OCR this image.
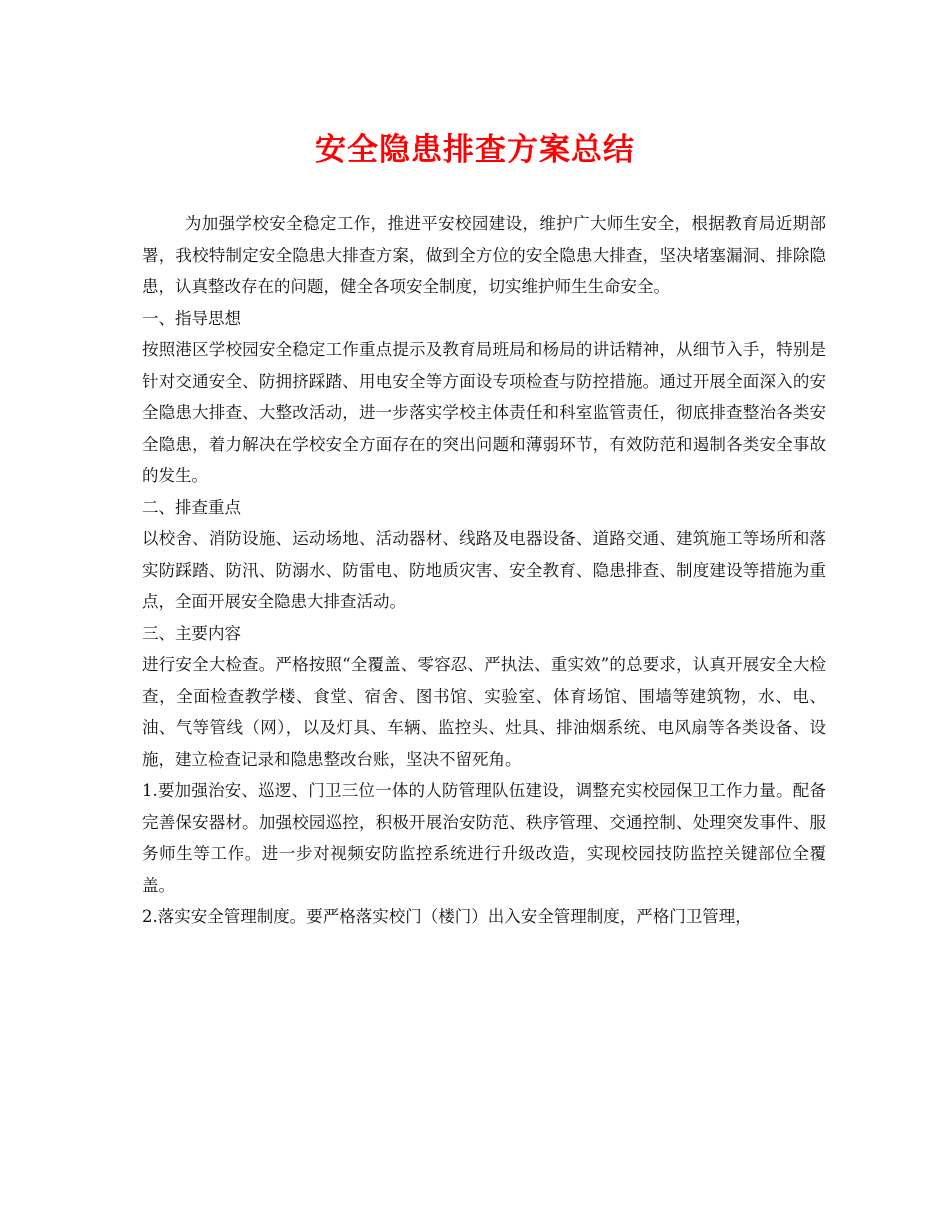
安全隐患排查方案总结

为加强学校安全稳定工作，推进平安校园建设，维护广大师生安全，根据教育局近期部署，我校特制定安全隐患大排查方案，做到全方位的安全隐患大排查，坚决堵塞漏洞、排除隐患，认真整改存在的问题，健全各项安全制度，切实维护师生生命安全。

一、指导思想

按照港区学校园安全稳定工作重点提示及教育局班局和杨局的讲话精神，从细节入手，特别是针对交通安全、防拥挤踩踏、用电安全等方面设专项检查与防控措施。通过开展全面深入的安全隐患大排查、大整改活动，进一步落实学校主体责任和科室监管责任，彻底排查整治各类安全隐患，着力解决在学校安全方面存在的突出问题和薄弱环节，有效防范和遏制各类安全事故的发生。

二、排查重点

以校舍、消防设施、运动场地、活动器材、线路及电器设备、道路交通、建筑施工等场所和落实防踩踏、防汛、防溺水、防雷电、防地质灾害、安全教育、隐患排查、制度建设等措施为重点，全面开展安全隐患大排查活动。

三、主要内容

进行安全大检查。严格按照“全覆盖、零容忍、严执法、重实效”的总要求，认真开展安全大检查，全面检查教学楼、食堂、宿舍、图书馆、实验室、体育场馆、围墙等建筑物，水、电、油、气等管线（网），以及灯具、车辆、监控头、灶具、排油烟系统、电风扇等各类设备、设施，建立检查记录和隐患整改台账，坚决不留死角。

1.要加强治安、巡逻、门卫三位一体的人防管理队伍建设，调整充实校园保卫工作力量。配备完善保安器材。加强校园巡控，积极开展治安防范、秩序管理、交通控制、处理突发事件、服务师生等工作。进一步对视频安防监控系统进行升级改造，实现校园技防监控关键部位全覆盖。

2.落实安全管理制度。要严格落实校门（楼门）出入安全管理制度，严格门卫管理，
